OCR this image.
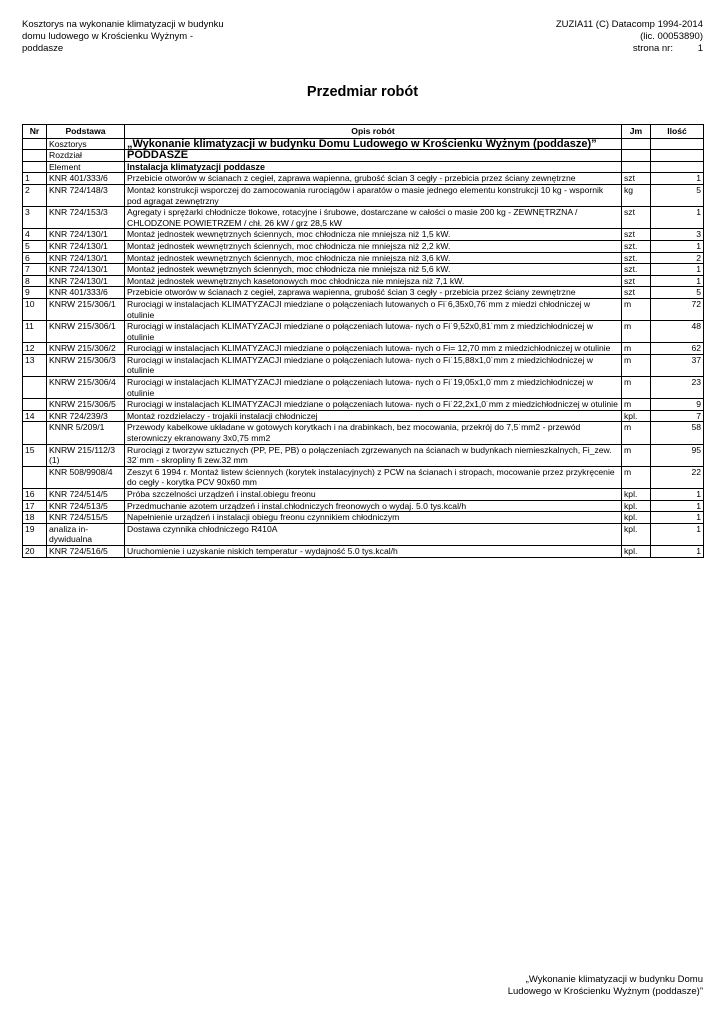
Kosztorys na wykonanie klimatyzacji w budynku
domu ludowego w Krościenku Wyżnym -
poddasze
ZUZIA11 (C) Datacomp 1994-2014
(lic. 00053890)
strona nr:	1
Przedmiar robót
Nr	Podstawa	Opis robót	Jm	Ilość
	Kosztorys	„Wykonanie klimatyzacji w budynku Domu Ludowego w Krościenku Wyżnym (poddasze)”		
	Rozdział	PODDASZE		
	Element	Instalacja klimatyzacji poddasze		
1	KNR 401/333/6	Przebicie otworów w ścianach z cegieł, zaprawa wapienna, grubość ścian 3 cegły - przebicia przez ściany zewnętrzne	szt	1
2	KNR 724/148/3	Montaż konstrukcji wsporczej do zamocowania rurociągów i aparatów o masie jednego elementu konstrukcji 10 kg - wspornik pod agragat zewnętrzny	kg	5
3	KNR 724/153/3	Agregaty i sprężarki chłodnicze tłokowe, rotacyjne i śrubowe, dostarczane w całości o masie 200 kg - ZEWNĘTRZNA / CHLODZONE POWIETRZEM / chł. 26 kW / grz 28,5 kW	szt	1
4	KNR 724/130/1	Montaż jednostek wewnętrznych ściennych, moc chłodnicza nie mniejsza niż 1,5 kW.	szt	3
5	KNR 724/130/1	Montaż jednostek wewnętrznych ściennych, moc chłodnicza nie mniejsza niż 2,2 kW.	szt.	1
6	KNR 724/130/1	Montaż jednostek wewnętrznych ściennych, moc chłodnicza nie mniejsza niż 3,6 kW.	szt.	2
7	KNR 724/130/1	Montaż jednostek wewnętrznych ściennych, moc chłodnicza nie mniejsza niż 5,6 kW.	szt.	1
8	KNR 724/130/1	Montaż jednostek wewnętrznych kasetonowych moc chłodnicza nie mniejsza niż 7,1 kW.	szt	1
9	KNR 401/333/6	Przebicie otworów w ścianach z cegieł, zaprawa wapienna, grubość ścian 3 cegły - przebicia przez ściany zewnętrzne	szt	5
10	KNRW 215/306/1	Rurociągi w instalacjach KLIMATYZACJI miedziane o połączeniach lutowanych o Fi˙6,35x0,76˙mm z miedzi chłodniczej w otulinie	m	72
11	KNRW 215/306/1	Rurociągi w instalacjach KLIMATYZACJI miedziane o połączeniach lutowa- nych o Fi˙9,52x0,81˙mm z miedzichłodniczej w otulinie	m	48
12	KNRW 215/306/2	Rurociągi w instalacjach KLIMATYZACJI miedziane o połączeniach lutowa- nych o Fi= 12,70 mm z miedzichłodniczej w otulinie	m	62
13	KNRW 215/306/3	Rurociągi w instalacjach KLIMATYZACJI miedziane o połączeniach lutowa- nych o Fi˙15,88x1,0˙mm z miedzichłodniczej w otulinie	m	37
	KNRW 215/306/4	Rurociągi w instalacjach KLIMATYZACJI miedziane o połączeniach lutowa- nych o Fi˙19,05x1,0˙mm z miedzichłodniczej w otulinie	m	23
	KNRW 215/306/5	Rurociągi w instalacjach KLIMATYZACJI miedziane o połączeniach lutowa- nych o Fi˙22,2x1,0˙mm z miedzichłodniczej w otulinie	m	9
14	KNR 724/239/3	Montaż rozdzielaczy - trojakii instalacji chłodniczej	kpl.	7
	KNNR 5/209/1	Przewody kabelkowe układane w gotowych korytkach i na drabinkach, bez mocowania, przekrój do 7,5˙mm2 - przewód sterowniczy ekranowany 3x0,75 mm2	m	58
15	KNRW 215/112/3 (1)	Rurociągi z tworzyw sztucznych (PP, PE, PB) o połączeniach zgrzewanych na ścianach w budynkach niemieszkalnych, Fi_zew. 32˙mm - skropliny fi zew.32 mm	m	95
	KNR 508/9908/4	Zeszyt 6 1994 r. Montaż listew ściennych (korytek instalacyjnych) z PCW na ścianach i stropach, mocowanie przez przykręcenie do cegły - korytka PCV 90x60 mm	m	22
16	KNR 724/514/5	Próba szczelności urządzeń i instal.obiegu freonu	kpl.	1
17	KNR 724/513/5	Przedmuchanie azotem urządzeń i instal.chłodniczych freonowych o wydaj. 5.0 tys.kcal/h	kpl.	1
18	KNR 724/515/5	Napełnienie urządzeń i instalacji obiegu freonu czynnikiem chłodniczym	kpl.	1
19	analiza in- dywidualna	Dostawa czynnika chłodniczego R410A	kpl.	1
20	KNR 724/516/5	Uruchomienie i uzyskanie niskich temperatur - wydajność 5.0 tys.kcal/h	kpl.	1
„Wykonanie klimatyzacji w budynku Domu
Ludowego w Krościenku Wyżnym (poddasze)”
